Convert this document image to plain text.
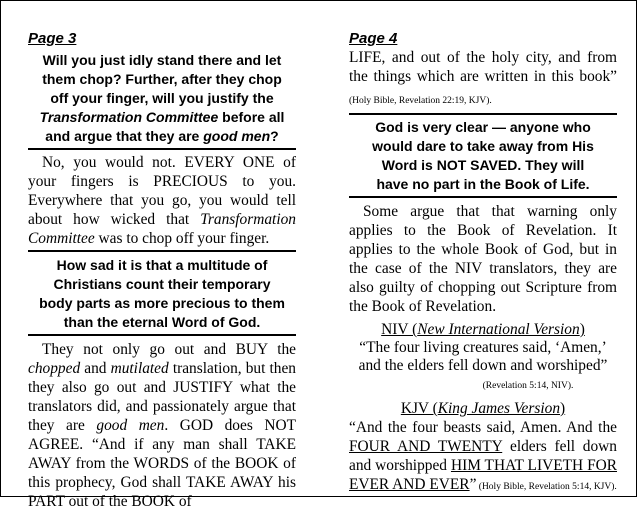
Page 3
Will you just idly stand there and let
them chop? Further, after they chop
off your finger, will you justify the
Transformation Committee before all
and argue that they are good men?

No, you would not. EVERY ONE of your fingers is PRECIOUS to you. Everywhere that you go, you would tell about how wicked that Transformation Committee was to chop off your finger.

How sad it is that a multitude of
Christians count their temporary
body parts as more precious to them
than the eternal Word of God.

They not only go out and BUY the chopped and mutilated translation, but then they also go out and JUSTIFY what the translators did, and passionately argue that they are good men. GOD does NOT AGREE. “And if any man shall TAKE AWAY from the WORDS of the BOOK of this prophecy, God shall TAKE AWAY his PART out of the BOOK of

Page 4

LIFE, and out of the holy city, and from the things which are written in this book” (Holy Bible, Revelation 22:19, KJV).

God is very clear — anyone who
would dare to take away from His
Word is NOT SAVED. They will
have no part in the Book of Life.

Some argue that that warning only applies to the Book of Revelation. It applies to the whole Book of God, but in the case of the NIV translators, they are also guilty of chopping out Scripture from the Book of Revelation.

NIV (New International Version)

“The four living creatures said, ‘Amen,’ and the elders fell down and worshiped”
(Revelation 5:14, NIV).

KJV (King James Version)

“And the four beasts said, Amen. And the FOUR AND TWENTY elders fell down and worshipped HIM THAT LIVETH FOR EVER AND EVER” (Holy Bible, Revelation 5:14, KJV).
